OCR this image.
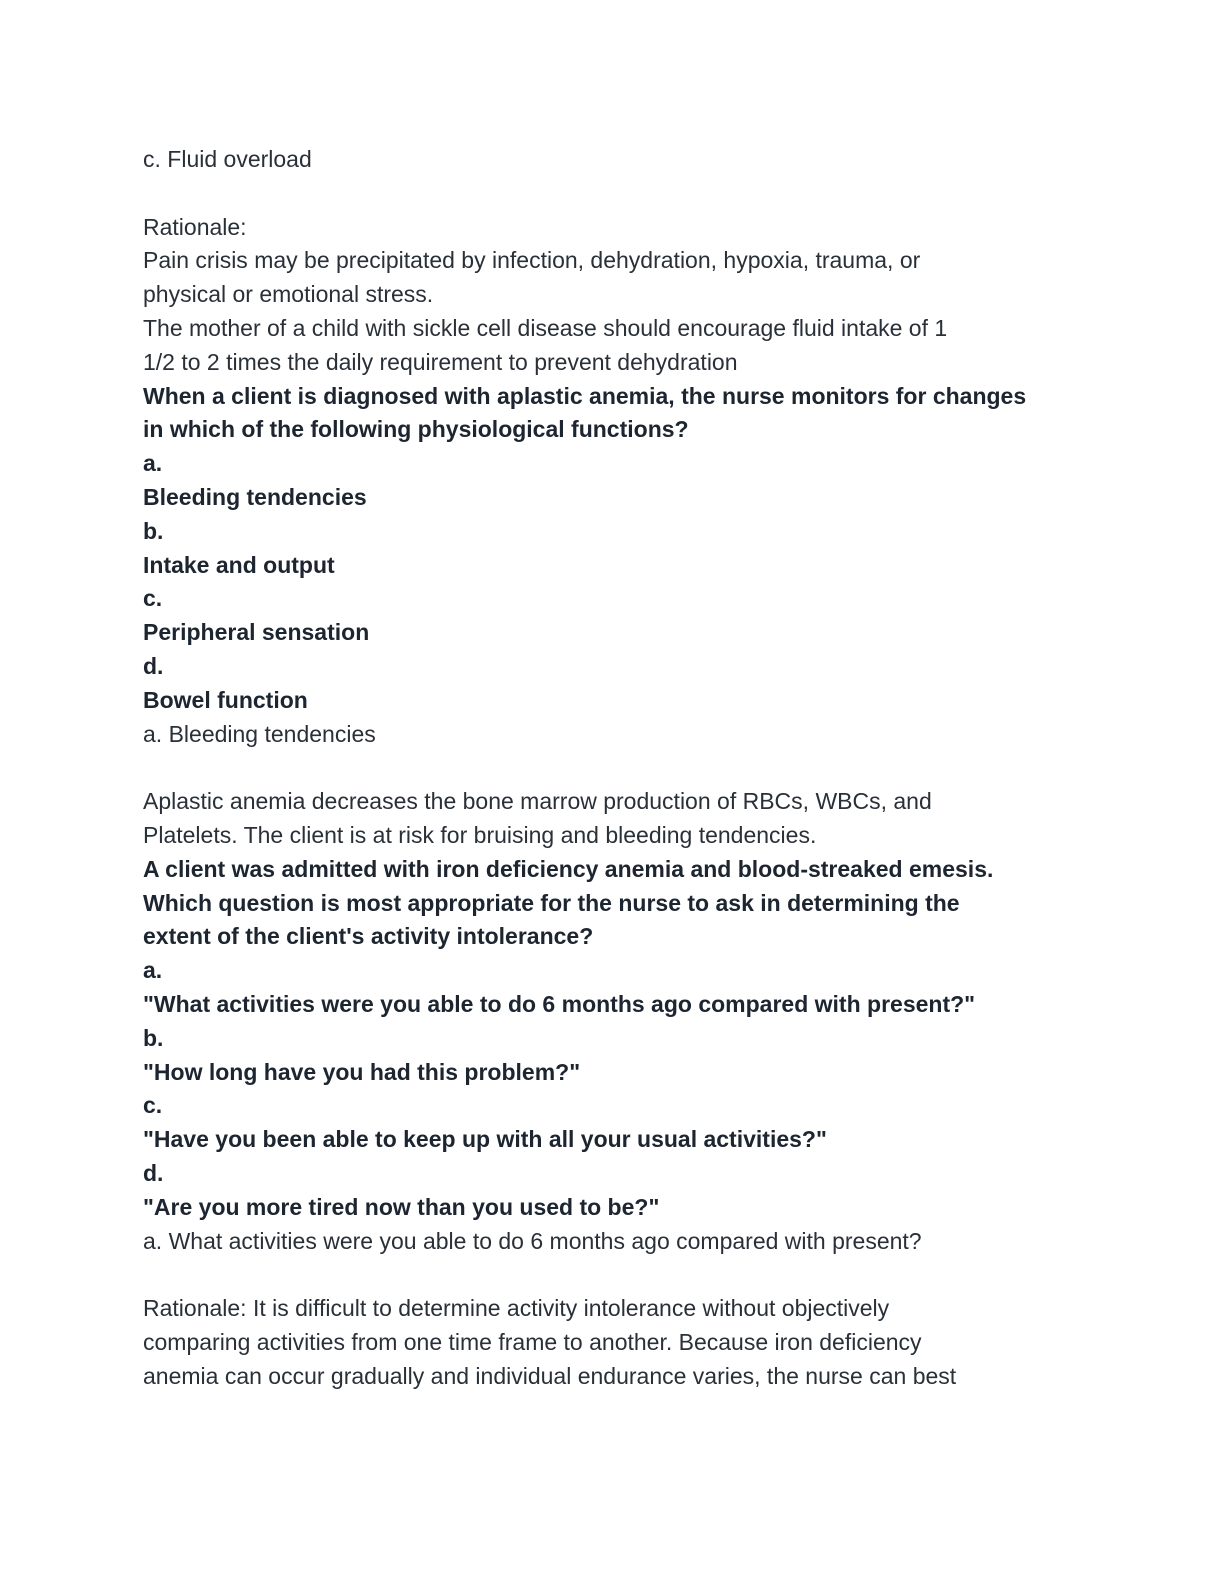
c. Fluid overload
Rationale:
Pain crisis may be precipitated by infection, dehydration, hypoxia, trauma, or
physical or emotional stress.
The mother of a child with sickle cell disease should encourage fluid intake of 1
1/2 to 2 times the daily requirement to prevent dehydration
When a client is diagnosed with aplastic anemia, the nurse monitors for changes
in which of the following physiological functions?
a.
Bleeding tendencies
b.
Intake and output
c.
Peripheral sensation
d.
Bowel function
a. Bleeding tendencies
Aplastic anemia decreases the bone marrow production of RBCs, WBCs, and
Platelets. The client is at risk for bruising and bleeding tendencies.
A client was admitted with iron deficiency anemia and blood-streaked emesis.
Which question is most appropriate for the nurse to ask in determining the
extent of the client's activity intolerance?
a.
"What activities were you able to do 6 months ago compared with present?"
b.
"How long have you had this problem?"
c.
"Have you been able to keep up with all your usual activities?"
d.
"Are you more tired now than you used to be?"
a. What activities were you able to do 6 months ago compared with present?
Rationale: It is difficult to determine activity intolerance without objectively
comparing activities from one time frame to another. Because iron deficiency
anemia can occur gradually and individual endurance varies, the nurse can best
